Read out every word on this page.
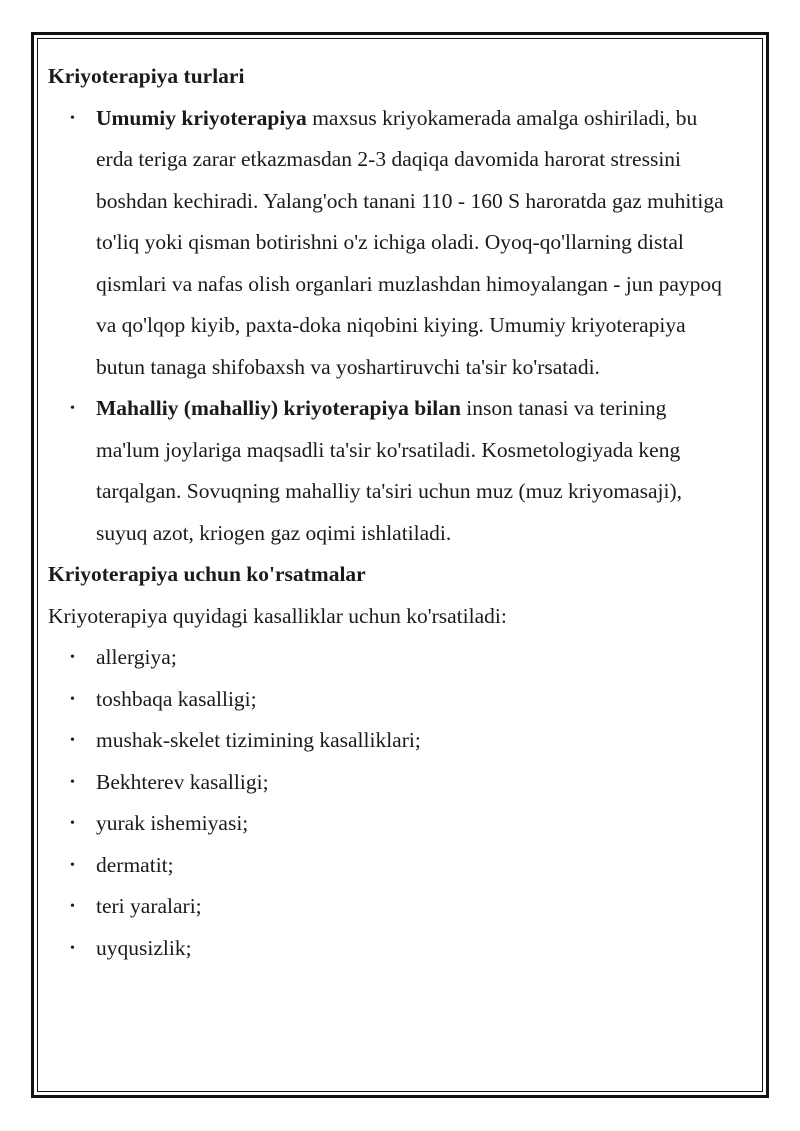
Kriyoterapiya turlari

• Umumiy kriyoterapiya maxsus kriyokamerada amalga oshiriladi, bu erda teriga zarar etkazmasdan 2-3 daqiqa davomida harorat stressini boshdan kechiradi. Yalang'och tanani 110 - 160 S haroratda gaz muhitiga to'liq yoki qisman botirishni o'z ichiga oladi. Oyoq-qo'llarning distal qismlari va nafas olish organlari muzlashdan himoyalangan - jun paypoq va qo'lqop kiyib, paxta-doka niqobini kiying. Umumiy kriyoterapiya butun tanaga shifobaxsh va yoshartiruvchi ta'sir ko'rsatadi.
• Mahalliy (mahalliy) kriyoterapiya bilan inson tanasi va terining ma'lum joylariga maqsadli ta'sir ko'rsatiladi. Kosmetologiyada keng tarqalgan. Sovuqning mahalliy ta'siri uchun muz (muz kriyomasaji), suyuq azot, kriogen gaz oqimi ishlatiladi.

Kriyoterapiya uchun ko'rsatmalar

Kriyoterapiya quyidagi kasalliklar uchun ko'rsatiladi:

• allergiya;
• toshbaqa kasalligi;
• mushak-skelet tizimining kasalliklari;
• Bekhterev kasalligi;
• yurak ishemiyasi;
• dermatit;
• teri yaralari;
• uyqusizlik;
